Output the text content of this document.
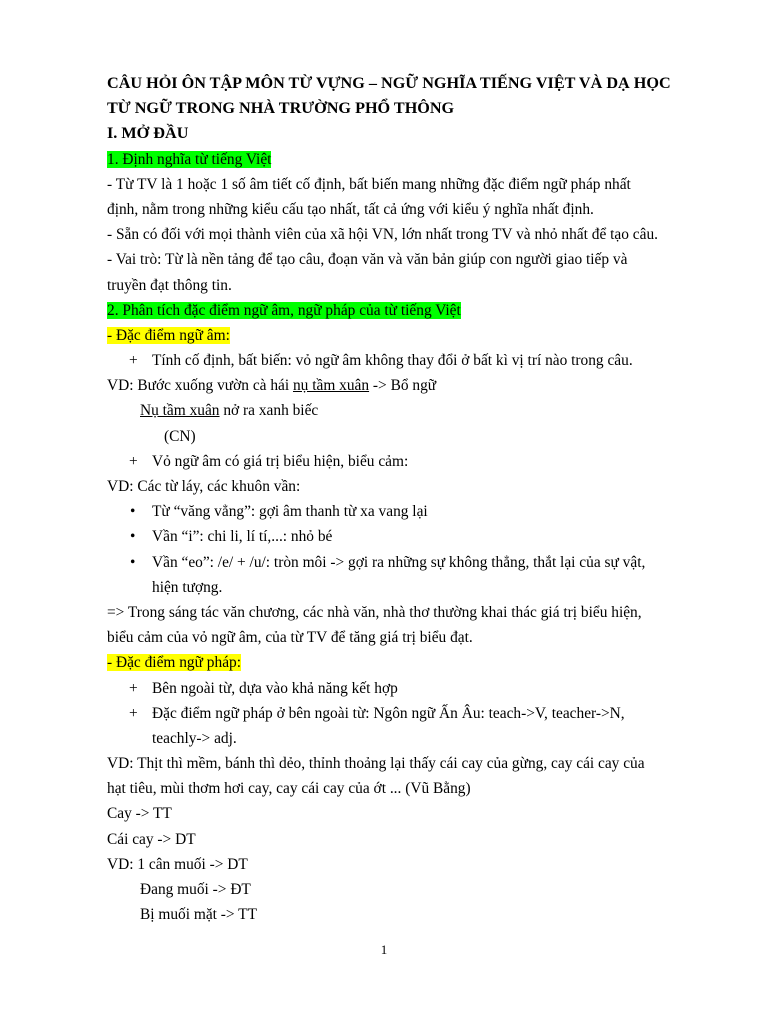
CÂU HỎI ÔN TẬP MÔN TỪ VỰNG – NGỮ NGHĨA TIẾNG VIỆT VÀ DẠ HỌC
TỪ NGỮ TRONG NHÀ TRƯỜNG PHỔ THÔNG
I. MỞ ĐẦU
1. Định nghĩa từ tiếng Việt
- Từ TV là 1 hoặc 1 số âm tiết cố định, bất biến mang những đặc điểm ngữ pháp nhất
định, nằm trong những kiểu cấu tạo nhất, tất cả ứng với kiểu ý nghĩa nhất định.
- Sẵn có đối với mọi thành viên của xã hội VN, lớn nhất trong TV và nhỏ nhất để tạo câu.
- Vai trò: Từ là nền tảng để tạo câu, đoạn văn và văn bản giúp con người giao tiếp và
truyền đạt thông tin.
2. Phân tích đặc điểm ngữ âm, ngữ pháp của từ tiếng Việt
- Đặc điểm ngữ âm:
+ Tính cố định, bất biến: vỏ ngữ âm không thay đổi ở bất kì vị trí nào trong câu.
VD: Bước xuống vườn cà hái nụ tầm xuân -> Bổ ngữ
Nụ tầm xuân nở ra xanh biếc
(CN)
+ Vỏ ngữ âm có giá trị biểu hiện, biểu cảm:
VD: Các từ láy, các khuôn vần:
• Từ “văng vẳng”: gợi âm thanh từ xa vang lại
• Vần “i”: chi li, lí tí,...: nhỏ bé
• Vần “eo”: /e/ + /u/: tròn môi -> gợi ra những sự không thẳng, thắt lại của sự vật,
hiện tượng.
=> Trong sáng tác văn chương, các nhà văn, nhà thơ thường khai thác giá trị biểu hiện,
biểu cảm của vỏ ngữ âm, của từ TV để tăng giá trị biểu đạt.
- Đặc điểm ngữ pháp:
+ Bên ngoài từ, dựa vào khả năng kết hợp
+ Đặc điểm ngữ pháp ở bên ngoài từ: Ngôn ngữ Ấn Âu: teach->V, teacher->N,
teachly-> adj.
VD: Thịt thì mềm, bánh thì dẻo, thỉnh thoảng lại thấy cái cay của gừng, cay cái cay của
hạt tiêu, mùi thơm hơi cay, cay cái cay của ớt ... (Vũ Bằng)
Cay -> TT
Cái cay -> DT
VD: 1 cân muối -> DT
Đang muối -> ĐT
Bị muối mặt -> TT
1
